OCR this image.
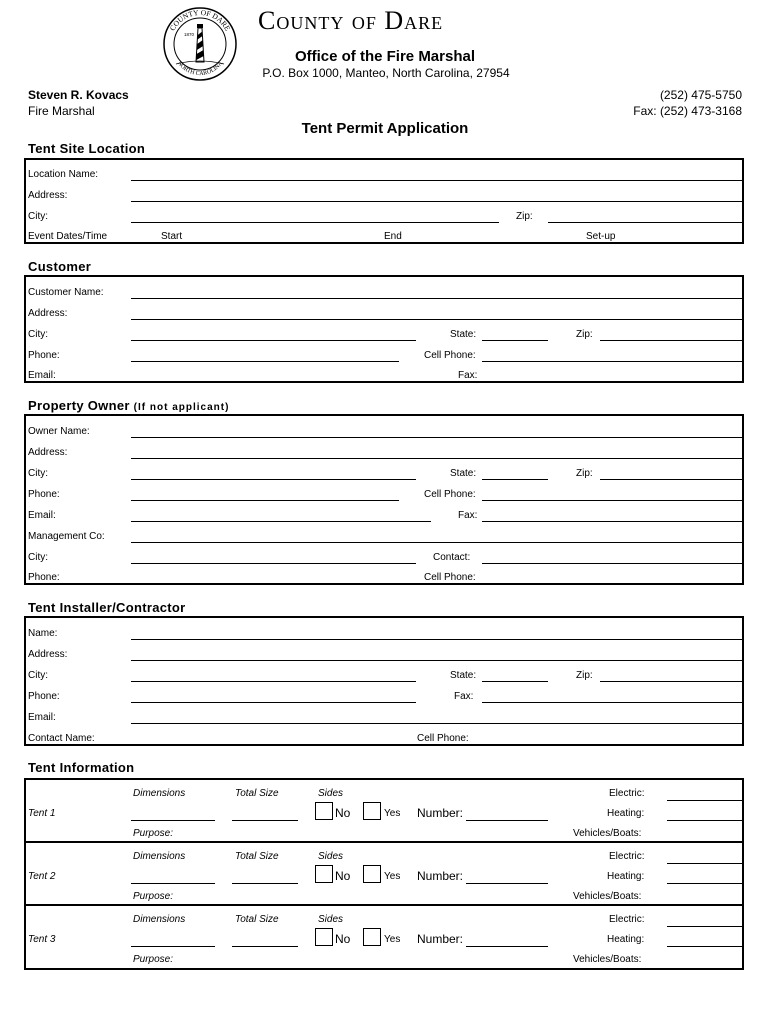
COUNTY OF DARE
NORTH CAROLINA
1870 County of Dare
Office of the Fire Marshal
P.O. Box 1000, Manteo, North Carolina, 27954
Steven R. Kovacs
Fire Marshal
(252) 475-5750
Fax: (252) 473-3168
Tent Permit Application
Tent Site Location
Location Name:
Address:
City:	Zip:
Event Dates/Time	Start	End	Set-up
Customer
Customer Name:
Address:
City:	State:	Zip:
Phone:	Cell Phone:
Email:	Fax:
Property Owner (If not applicant)
Owner Name:
Address:
City:	State:	Zip:
Phone:	Cell Phone:
Email:	Fax:
Management Co:
City:	Contact:
Phone:	Cell Phone:
Tent Installer/Contractor
Name:
Address:
City:	State:	Zip:
Phone:	Fax:
Email:
Contact Name:	Cell Phone:
Tent Information
Dimensions	Total Size	Sides	Electric:
Tent 1	No	Yes Number:	Heating:
Purpose:	Vehicles/Boats:
Dimensions	Total Size	Sides	Electric:
Tent 2	No	Yes Number:	Heating:
Purpose:	Vehicles/Boats:
Dimensions	Total Size	Sides	Electric:
Tent 3	No	Yes Number:	Heating:
Purpose:	Vehicles/Boats:
